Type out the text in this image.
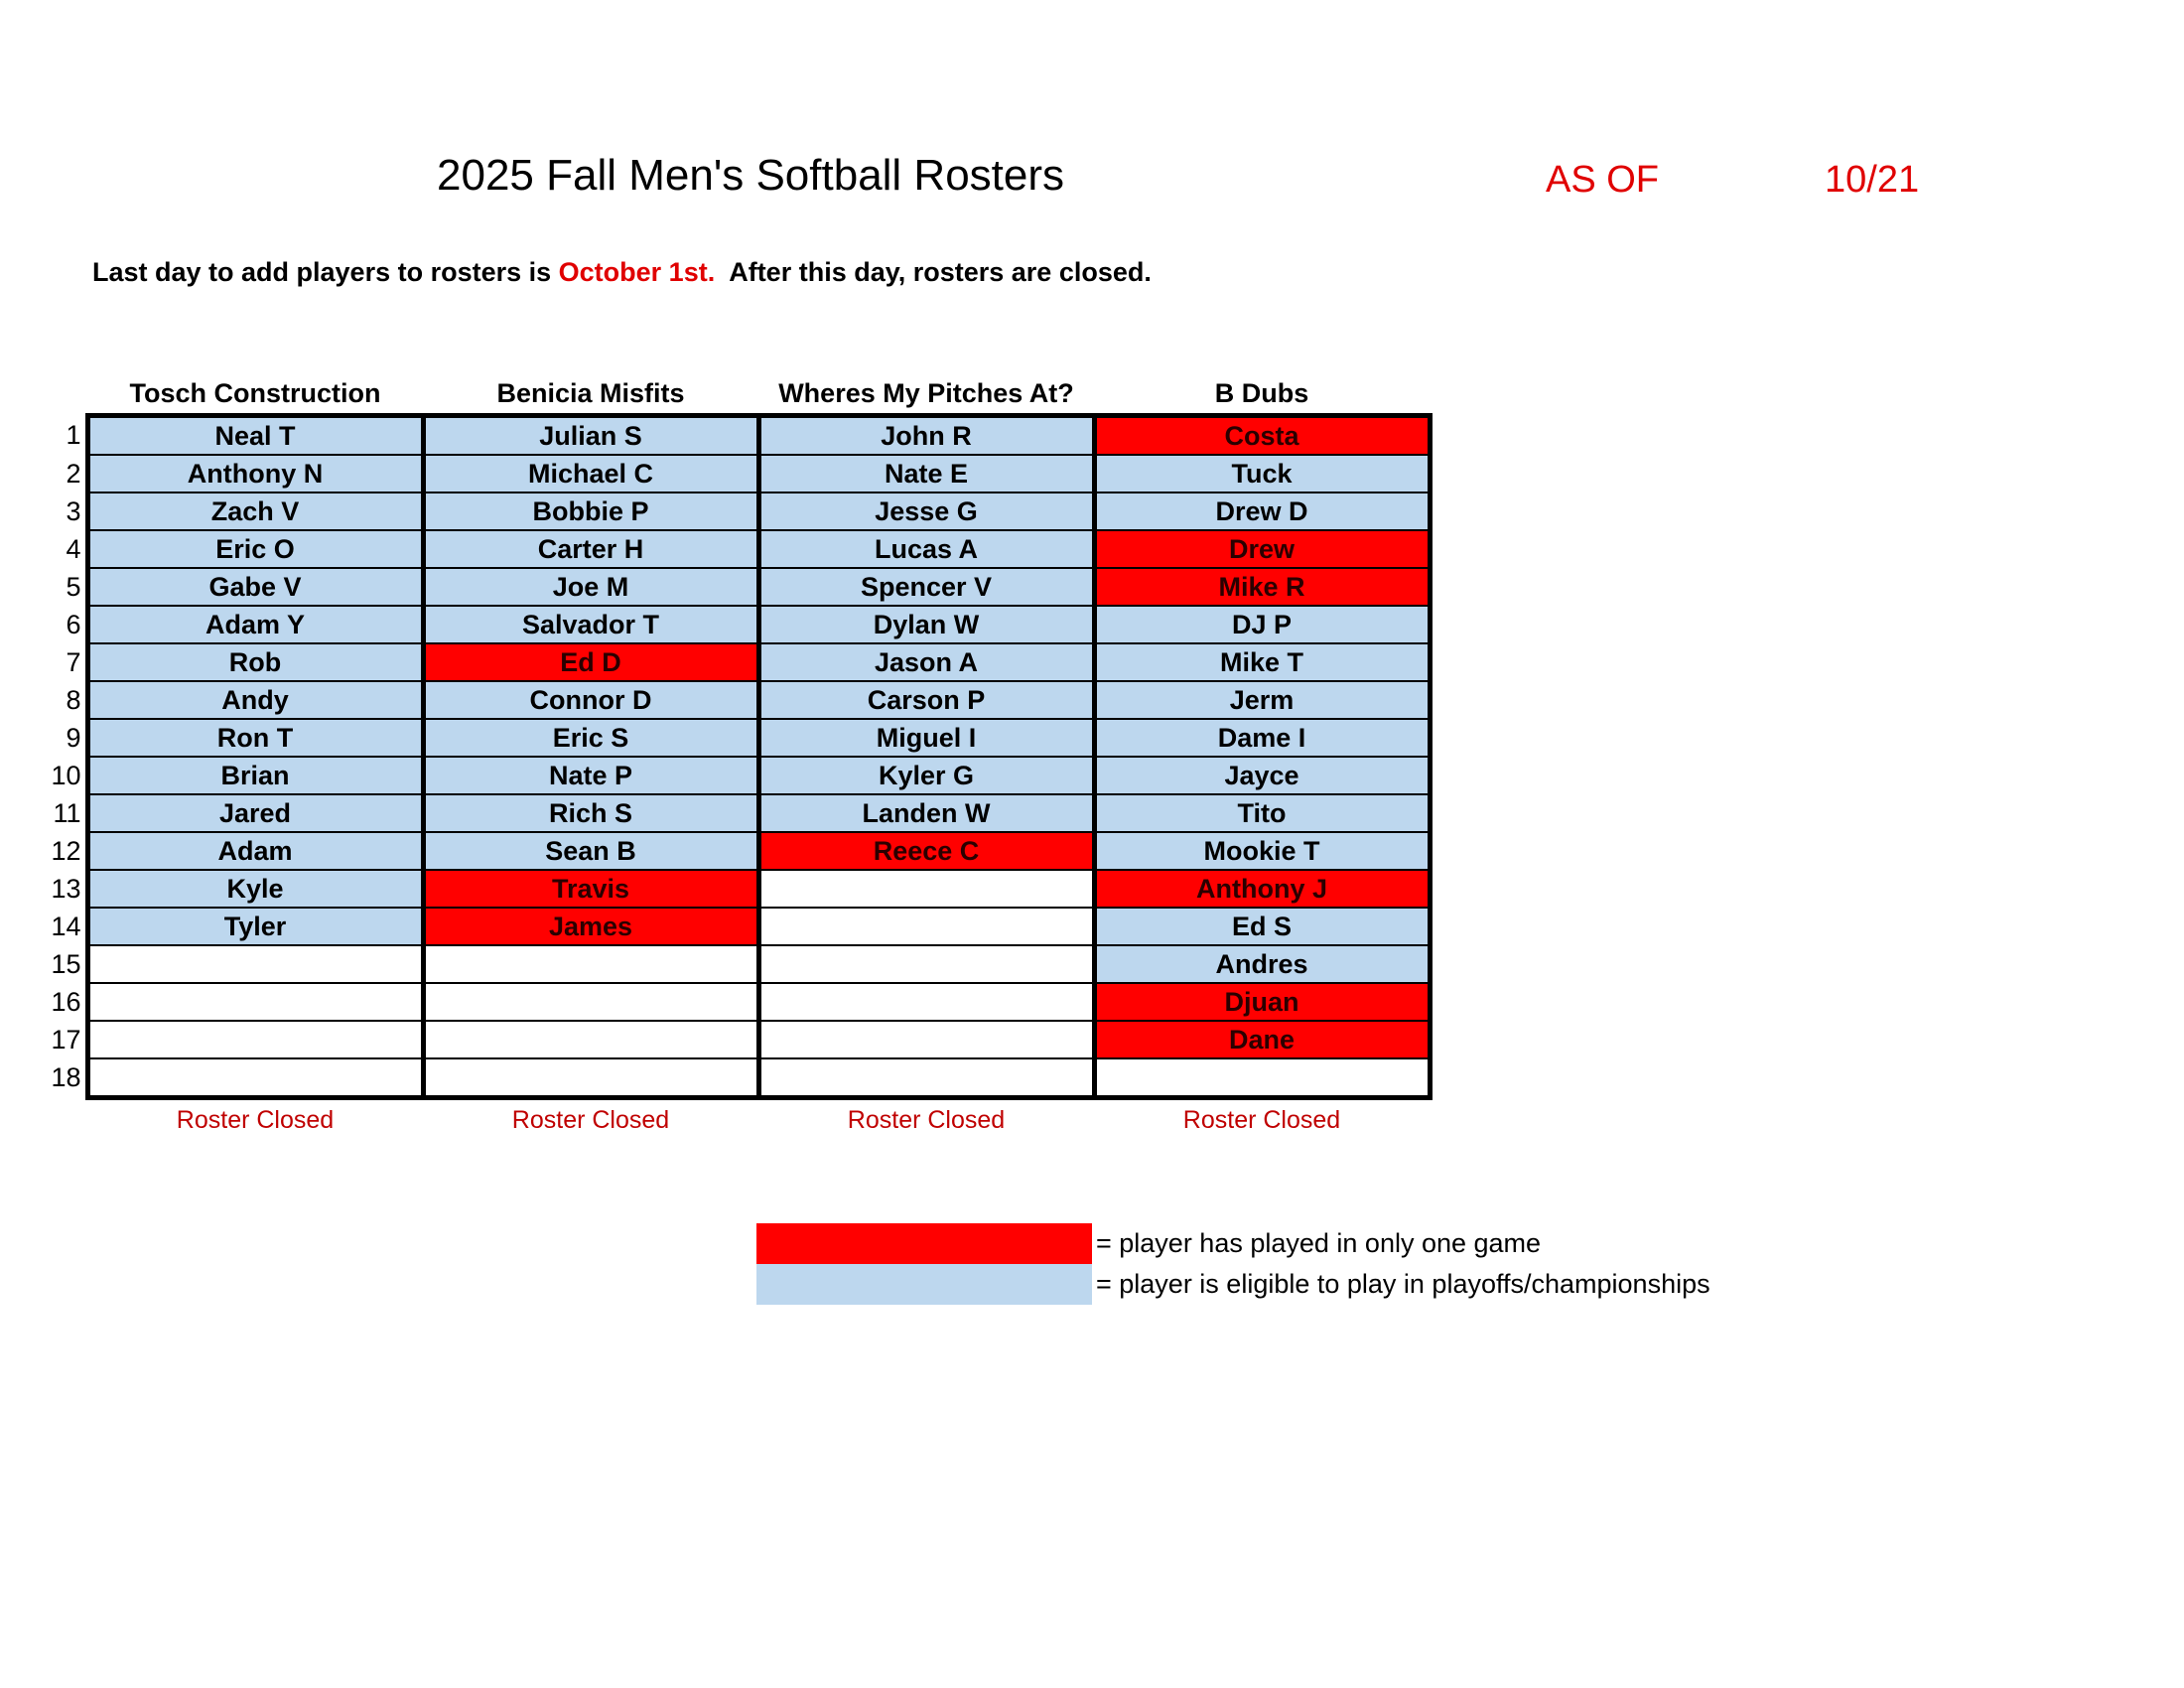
2025 Fall Men's Softball Rosters	AS OF	10/21
Last day to add players to rosters is October 1st.  After this day, rosters are closed.
	Tosch Construction	Benicia Misfits	Wheres My Pitches At?	B Dubs
1	Neal T	Julian S	John R	Costa
2	Anthony N	Michael C	Nate E	Tuck
3	Zach V	Bobbie P	Jesse G	Drew D
4	Eric O	Carter H	Lucas A	Drew
5	Gabe V	Joe M	Spencer V	Mike R
6	Adam Y	Salvador T	Dylan W	DJ P
7	Rob	Ed D	Jason A	Mike T
8	Andy	Connor D	Carson P	Jerm
9	Ron T	Eric S	Miguel I	Dame I
10	Brian	Nate P	Kyler G	Jayce
11	Jared	Rich S	Landen W	Tito
12	Adam	Sean B	Reece C	Mookie T
13	Kyle	Travis		Anthony J
14	Tyler	James		Ed S
15				Andres
16				Djuan
17				Dane
18				
	Roster Closed	Roster Closed	Roster Closed	Roster Closed
= player has played in only one game
= player is eligible to play in playoffs/championships
